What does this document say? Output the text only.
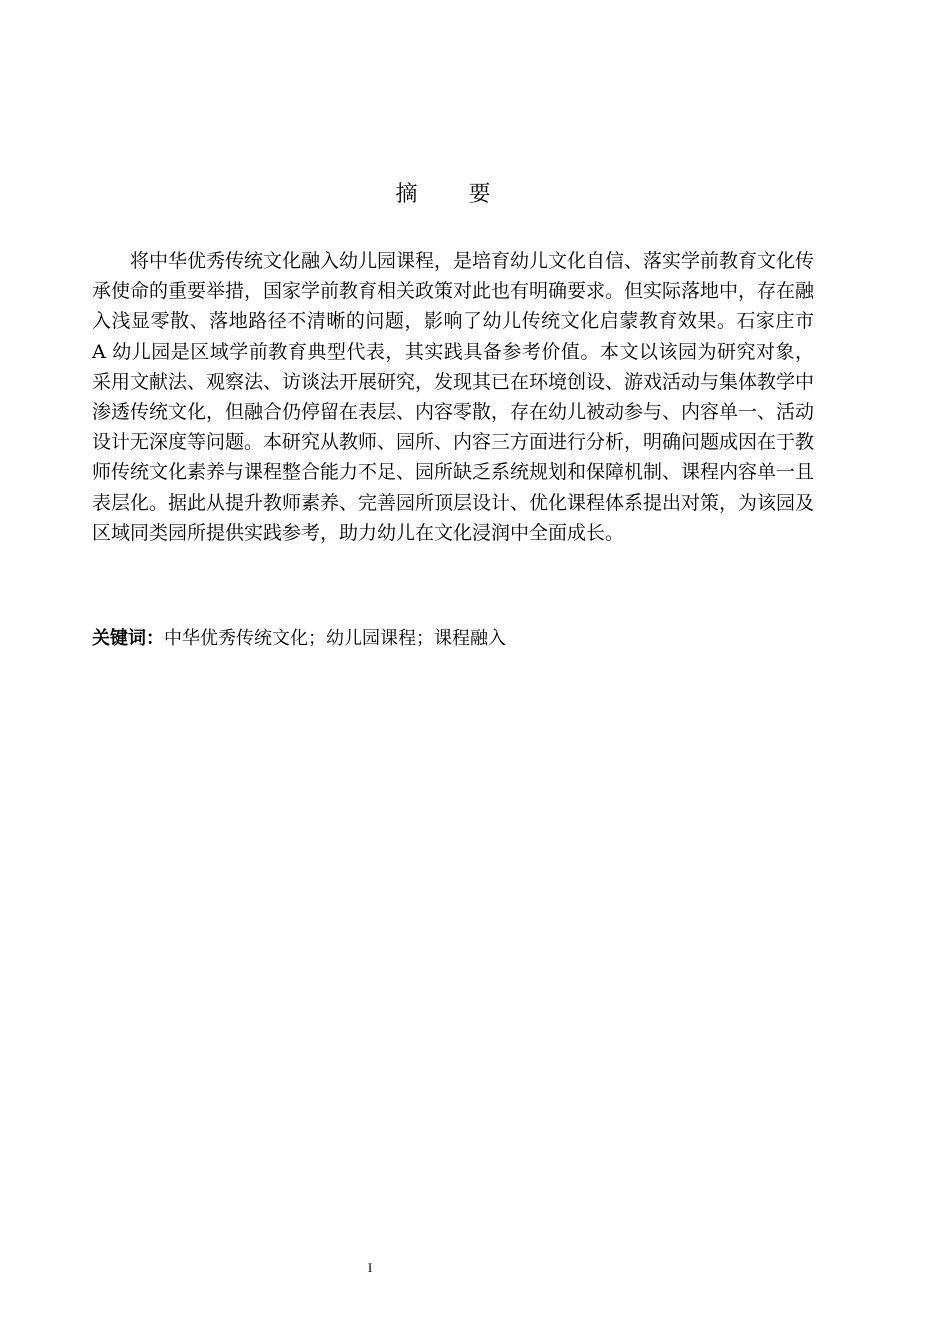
摘 要

将中华优秀传统文化融入幼儿园课程，是培育幼儿文化自信、落实学前教育文化传承使命的重要举措，国家学前教育相关政策对此也有明确要求。但实际落地中，存在融入浅显零散、落地路径不清晰的问题，影响了幼儿传统文化启蒙教育效果。石家庄市 A 幼儿园是区域学前教育典型代表，其实践具备参考价值。本文以该园为研究对象，采用文献法、观察法、访谈法开展研究，发现其已在环境创设、游戏活动与集体教学中渗透传统文化，但融合仍停留在表层、内容零散，存在幼儿被动参与、内容单一、活动设计无深度等问题。本研究从教师、园所、内容三方面进行分析，明确问题成因在于教师传统文化素养与课程整合能力不足、园所缺乏系统规划和保障机制、课程内容单一且表层化。据此从提升教师素养、完善园所顶层设计、优化课程体系提出对策，为该园及区域同类园所提供实践参考，助力幼儿在文化浸润中全面成长。

关键词：中华优秀传统文化；幼儿园课程；课程融入
I
